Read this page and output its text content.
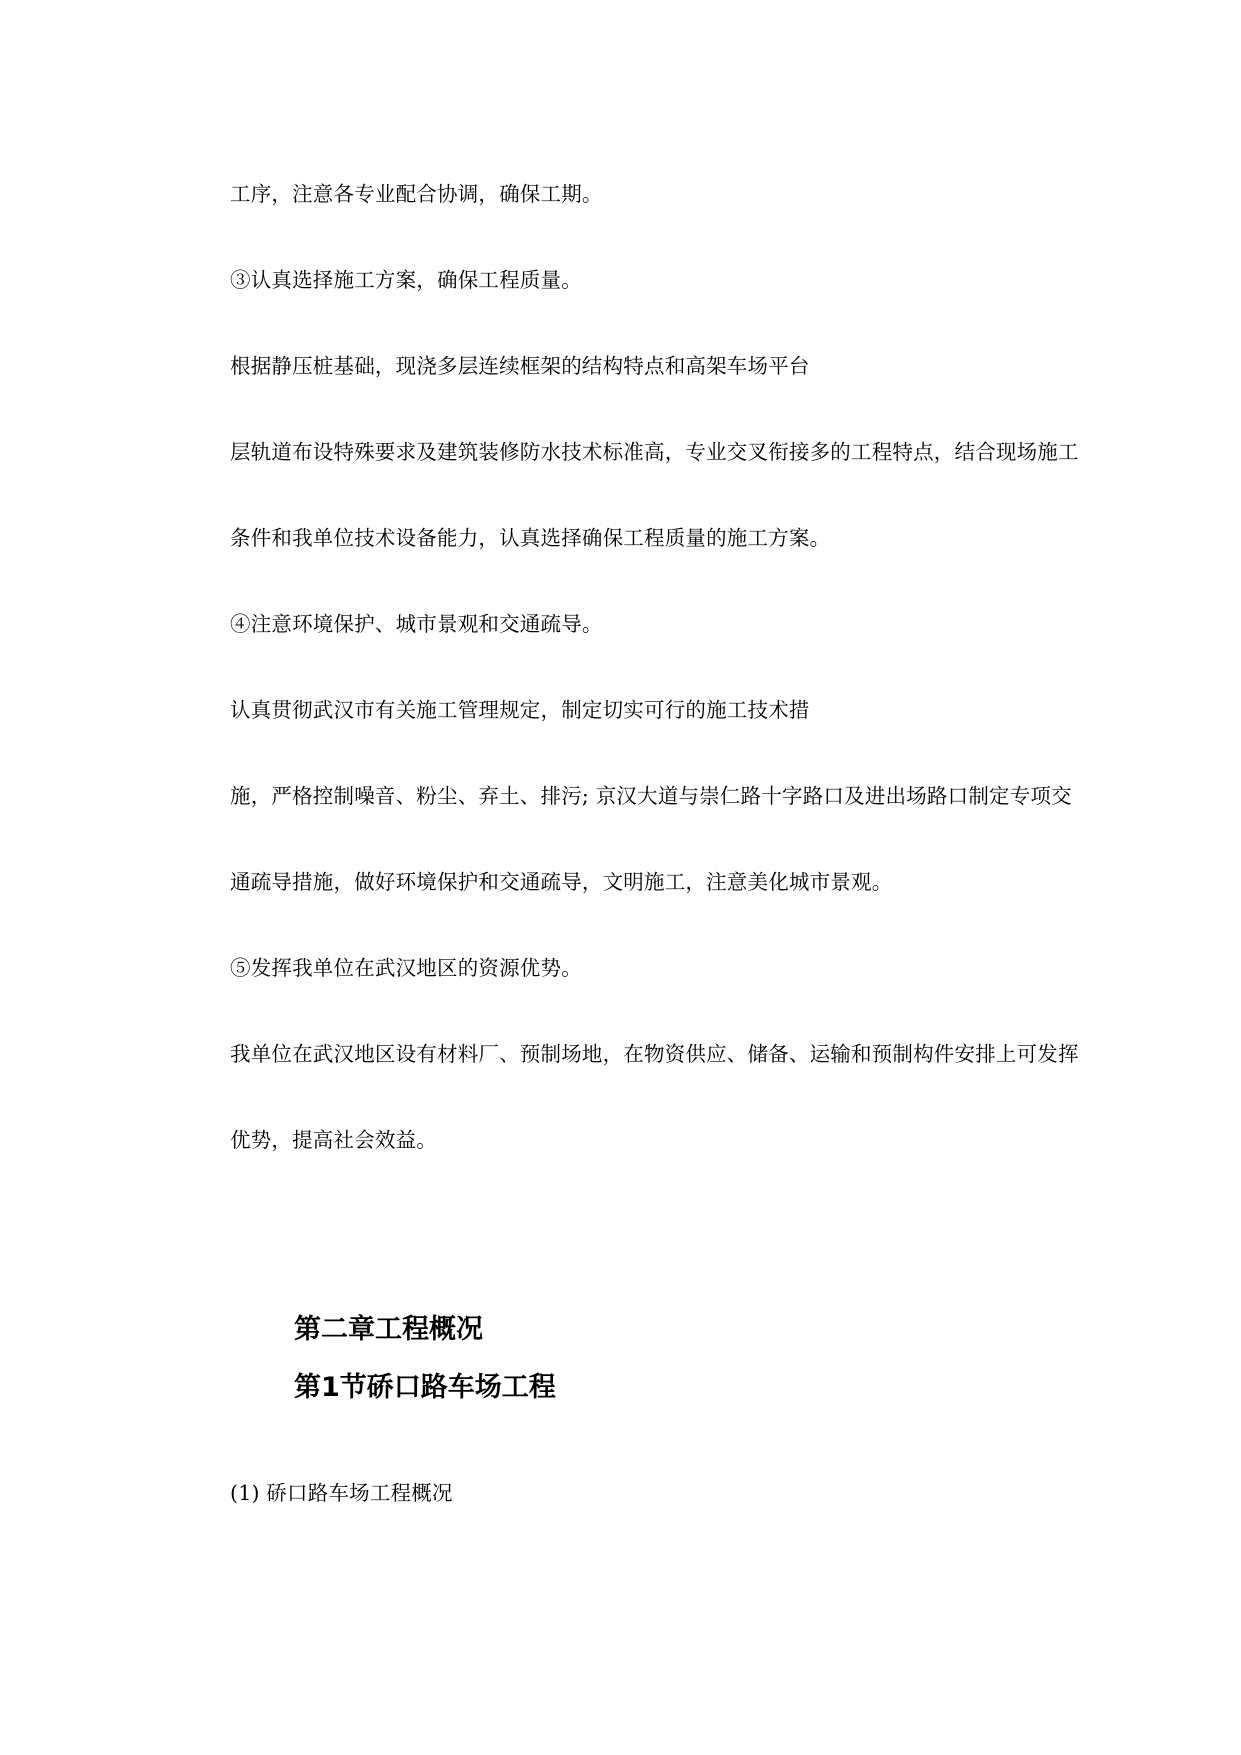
工序，注意各专业配合协调，确保工期。
③认真选择施工方案，确保工程质量。
根据静压桩基础，现浇多层连续框架的结构特点和高架车场平台
层轨道布设特殊要求及建筑装修防水技术标准高，专业交叉衔接多的工程特点，结合现场施工
条件和我单位技术设备能力，认真选择确保工程质量的施工方案。
④注意环境保护、城市景观和交通疏导。
认真贯彻武汉市有关施工管理规定，制定切实可行的施工技术措
施，严格控制噪音、粉尘、弃土、排污; 京汉大道与崇仁路十字路口及进出场路口制定专项交
通疏导措施，做好环境保护和交通疏导，文明施工，注意美化城市景观。
⑤发挥我单位在武汉地区的资源优势。
我单位在武汉地区设有材料厂、预制场地，在物资供应、储备、运输和预制构件安排上可发挥
优势，提高社会效益。
第二章工程概况
第1节硚口路车场工程
(1) 硚口路车场工程概况
